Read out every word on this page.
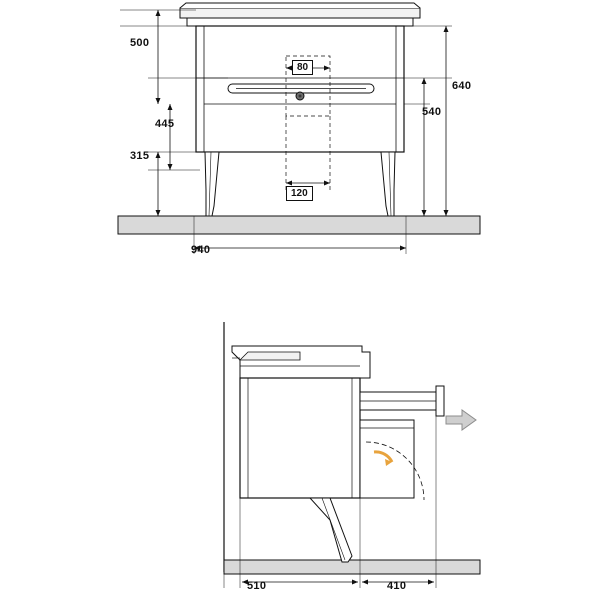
500
445
315
640
540
80
120
940
510	410
